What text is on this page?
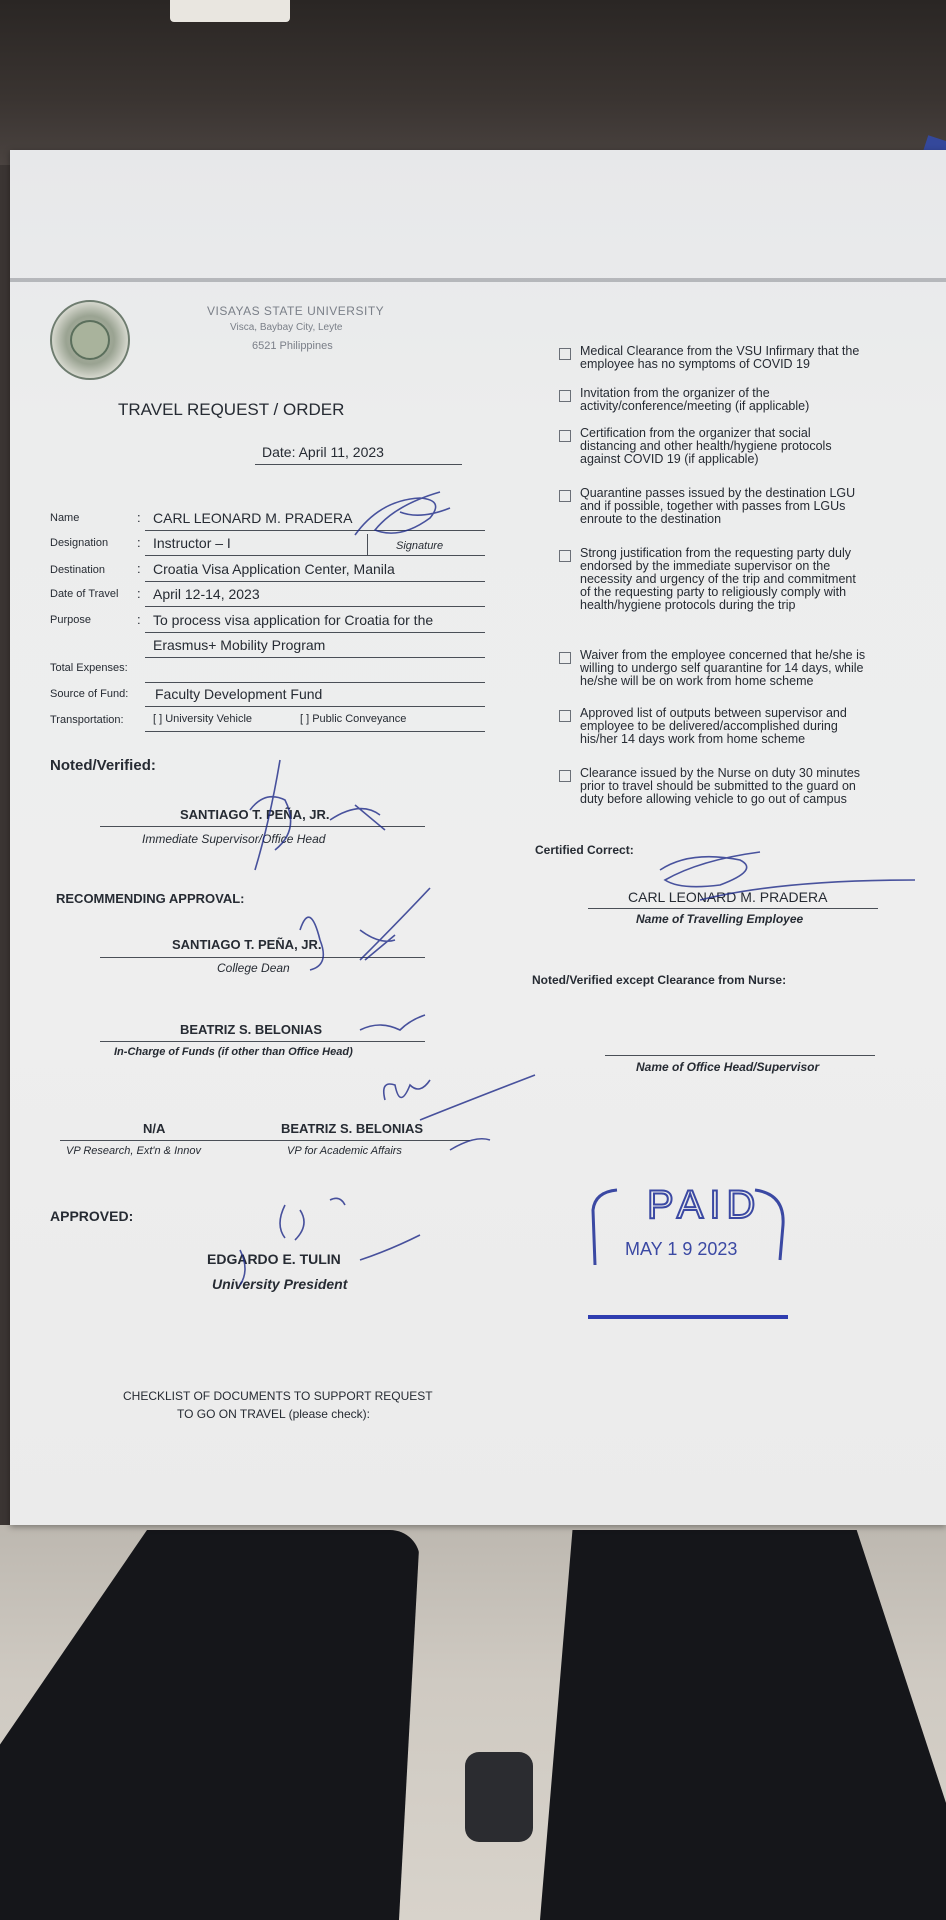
VISAYAS STATE UNIVERSITY
Visca, Baybay City, Leyte
6521 Philippines
TRAVEL REQUEST / ORDER
Date: April 11, 2023
Name	: CARL LEONARD M. PRADERA
Designation : Instructor – I	Signature
Destination : Croatia Visa Application Center, Manila
Date of Travel : April 12-14, 2023
Purpose	: To process visa application for Croatia for the
Erasmus+ Mobility Program
Total Expenses:
Source of Fund: Faculty Development Fund
Transportation:	[ ] University Vehicle	[ ] Public Conveyance
Noted/Verified:
SANTIAGO T. PEÑA, JR.
Immediate Supervisor/Office Head
RECOMMENDING APPROVAL:
SANTIAGO T. PEÑA, JR.
College Dean
BEATRIZ S. BELONIAS
In-Charge of Funds (if other than Office Head)
N/A	BEATRIZ S. BELONIAS
VP Research, Ext'n & Innov	VP for Academic Affairs
APPROVED:
EDGARDO E. TULIN
University President
CHECKLIST OF DOCUMENTS TO SUPPORT REQUEST
TO GO ON TRAVEL (please check):
Medical Clearance from the VSU Infirmary that the
employee has no symptoms of COVID 19
Invitation from the organizer of the
activity/conference/meeting (if applicable)
Certification from the organizer that social
distancing and other health/hygiene protocols
against COVID 19 (if applicable)
Quarantine passes issued by the destination LGU
and if possible, together with passes from LGUs
enroute to the destination
Strong justification from the requesting party duly
endorsed by the immediate supervisor on the
necessity and urgency of the trip and commitment
of the requesting party to religiously comply with
health/hygiene protocols during the trip
Waiver from the employee concerned that he/she is
willing to undergo self quarantine for 14 days, while
he/she will be on work from home scheme
Approved list of outputs between supervisor and
employee to be delivered/accomplished during
his/her 14 days work from home scheme
Clearance issued by the Nurse on duty 30 minutes
prior to travel should be submitted to the guard on
duty before allowing vehicle to go out of campus
Certified Correct:
CARL LEONARD M. PRADERA
Name of Travelling Employee
Noted/Verified except Clearance from Nurse:
Name of Office Head/Supervisor
PAID
MAY 1 9 2023
